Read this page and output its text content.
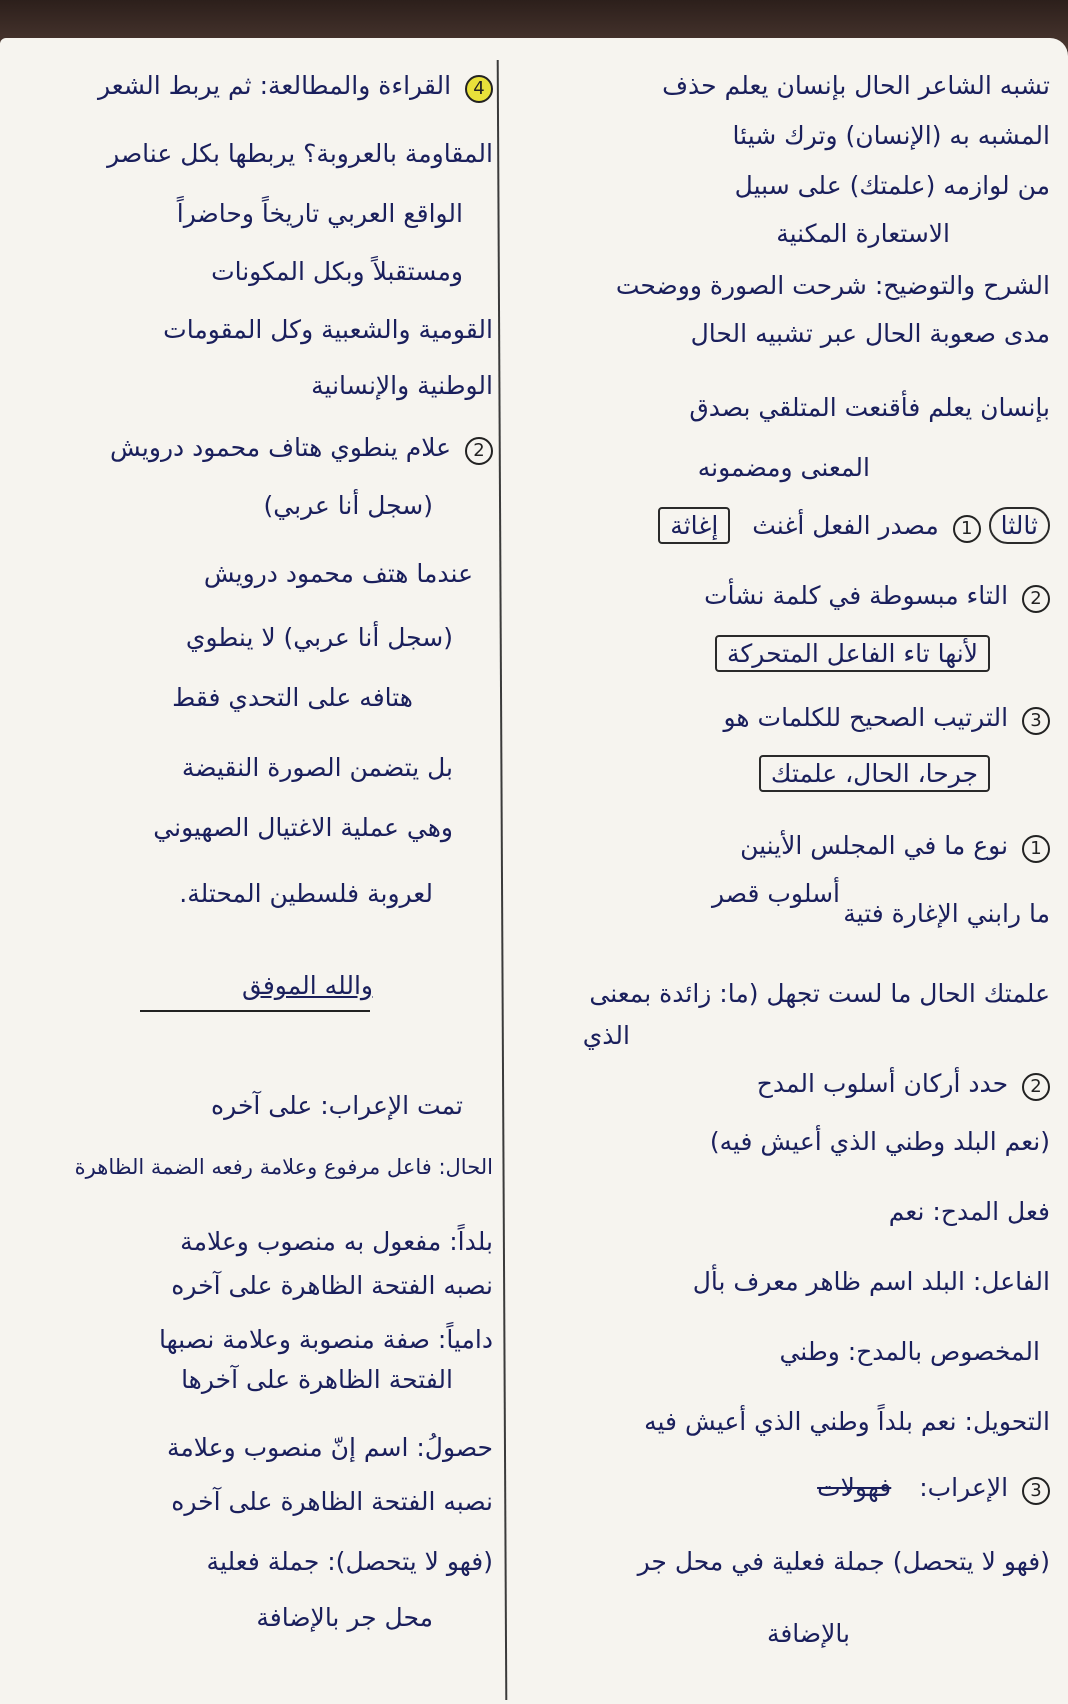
تشبه الشاعر الحال بإنسان يعلم حذف
المشبه به (الإنسان) وترك شيئا
من لوازمه (علمتك) على سبيل
الاستعارة المكنية
الشرح والتوضيح: شرحت الصورة ووضحت
مدى صعوبة الحال عبر تشبيه الحال
بإنسان يعلم فأقنعت المتلقي بصدق
المعنى ومضمونه
ثالثا 1 مصدر الفعل أغنث إغاثة
2 التاء مبسوطة في كلمة نشأت
لأنها تاء الفاعل المتحركة
3 الترتيب الصحيح للكلمات هو
جرحا، الحال، علمتك
1 نوع ما في المجلس الأينين
ما رابني الإغارة فتية
أسلوب قصر
علمتك الحال ما لست تجهل (ما: زائدة بمعنى
الذي
2 حدد أركان أسلوب المدح
(نعم البلد وطني الذي أعيش فيه)
فعل المدح: نعم
الفاعل: البلد اسم ظاهر معرف بأل
المخصوص بالمدح: وطني
التحويل: نعم بلداً وطني الذي أعيش فيه
3 الإعراب: فهولات
(فهو لا يتحصل) جملة فعلية في محل جر
بالإضافة
4 القراءة والمطالعة: ثم يربط الشعر
المقاومة بالعروبة؟ يربطها بكل عناصر
الواقع العربي تاريخاً وحاضراً
ومستقبلاً وبكل المكونات
القومية والشعبية وكل المقومات
الوطنية والإنسانية
2 علام ينطوي هتاف محمود درويش
(سجل أنا عربي)
عندما هتف محمود درويش
(سجل أنا عربي) لا ينطوي
هتافه على التحدي فقط
بل يتضمن الصورة النقيضة
وهي عملية الاغتيال الصهيوني
لعروبة فلسطين المحتلة.
والله الموفق
تمت الإعراب: على آخره
الحال: فاعل مرفوع وعلامة رفعه الضمة الظاهرة
بلداً: مفعول به منصوب وعلامة
نصبه الفتحة الظاهرة على آخره
دامياً: صفة منصوبة وعلامة نصبها
الفتحة الظاهرة على آخرها
حصولُ: اسم إنّ منصوب وعلامة
نصبه الفتحة الظاهرة على آخره
(فهو لا يتحصل): جملة فعلية
محل جر بالإضافة
